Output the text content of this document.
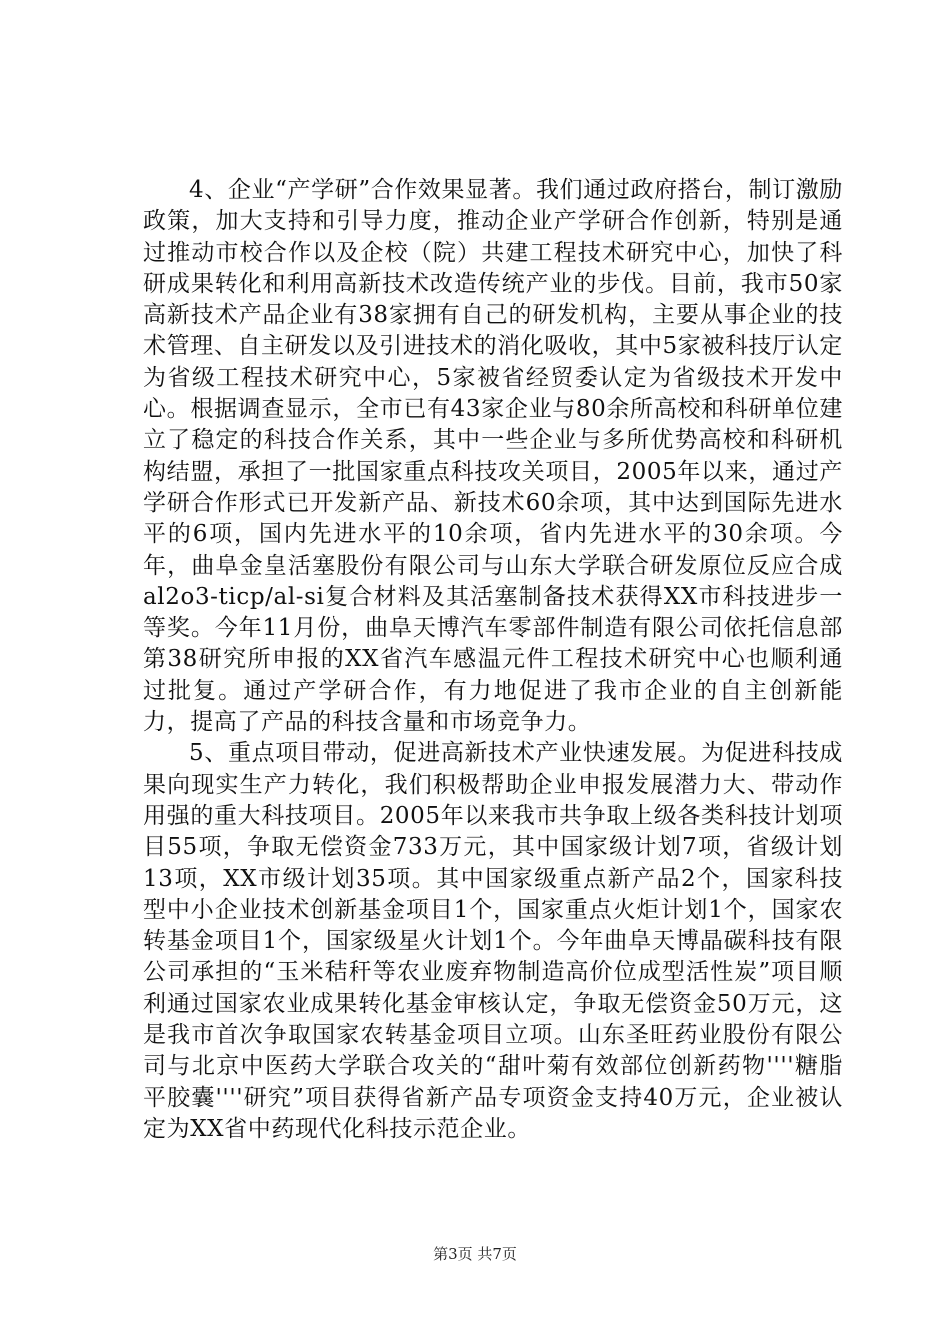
4、企业“产学研”合作效果显著。我们通过政府搭台，制订激励政策，加大支持和引导力度，推动企业产学研合作创新，特别是通过推动市校合作以及企校（院）共建工程技术研究中心，加快了科研成果转化和利用高新技术改造传统产业的步伐。目前，我市50家高新技术产品企业有38家拥有自己的研发机构，主要从事企业的技术管理、自主研发以及引进技术的消化吸收，其中5家被科技厅认定为省级工程技术研究中心，5家被省经贸委认定为省级技术开发中心。根据调查显示，全市已有43家企业与80余所高校和科研单位建立了稳定的科技合作关系，其中一些企业与多所优势高校和科研机构结盟，承担了一批国家重点科技攻关项目，2005年以来，通过产学研合作形式已开发新产品、新技术60余项，其中达到国际先进水平的6项，国内先进水平的10余项，省内先进水平的30余项。今年，曲阜金皇活塞股份有限公司与山东大学联合研发原位反应合成al2o3-ticp/al-si复合材料及其活塞制备技术获得XX市科技进步一等奖。今年11月份，曲阜天博汽车零部件制造有限公司依托信息部第38研究所申报的XX省汽车感温元件工程技术研究中心也顺利通过批复。通过产学研合作，有力地促进了我市企业的自主创新能力，提高了产品的科技含量和市场竞争力。

5、重点项目带动，促进高新技术产业快速发展。为促进科技成果向现实生产力转化，我们积极帮助企业申报发展潜力大、带动作用强的重大科技项目。2005年以来我市共争取上级各类科技计划项目55项，争取无偿资金733万元，其中国家级计划7项，省级计划13项，XX市级计划35项。其中国家级重点新产品2个，国家科技型中小企业技术创新基金项目1个，国家重点火炬计划1个，国家农转基金项目1个，国家级星火计划1个。今年曲阜天博晶碳科技有限公司承担的“玉米秸秆等农业废弃物制造高价位成型活性炭”项目顺利通过国家农业成果转化基金审核认定，争取无偿资金50万元，这是我市首次争取国家农转基金项目立项。山东圣旺药业股份有限公司与北京中医药大学联合攻关的“甜叶菊有效部位创新药物''''糖脂平胶囊''''研究”项目获得省新产品专项资金支持40万元，企业被认定为XX省中药现代化科技示范企业。

第3页 共7页
